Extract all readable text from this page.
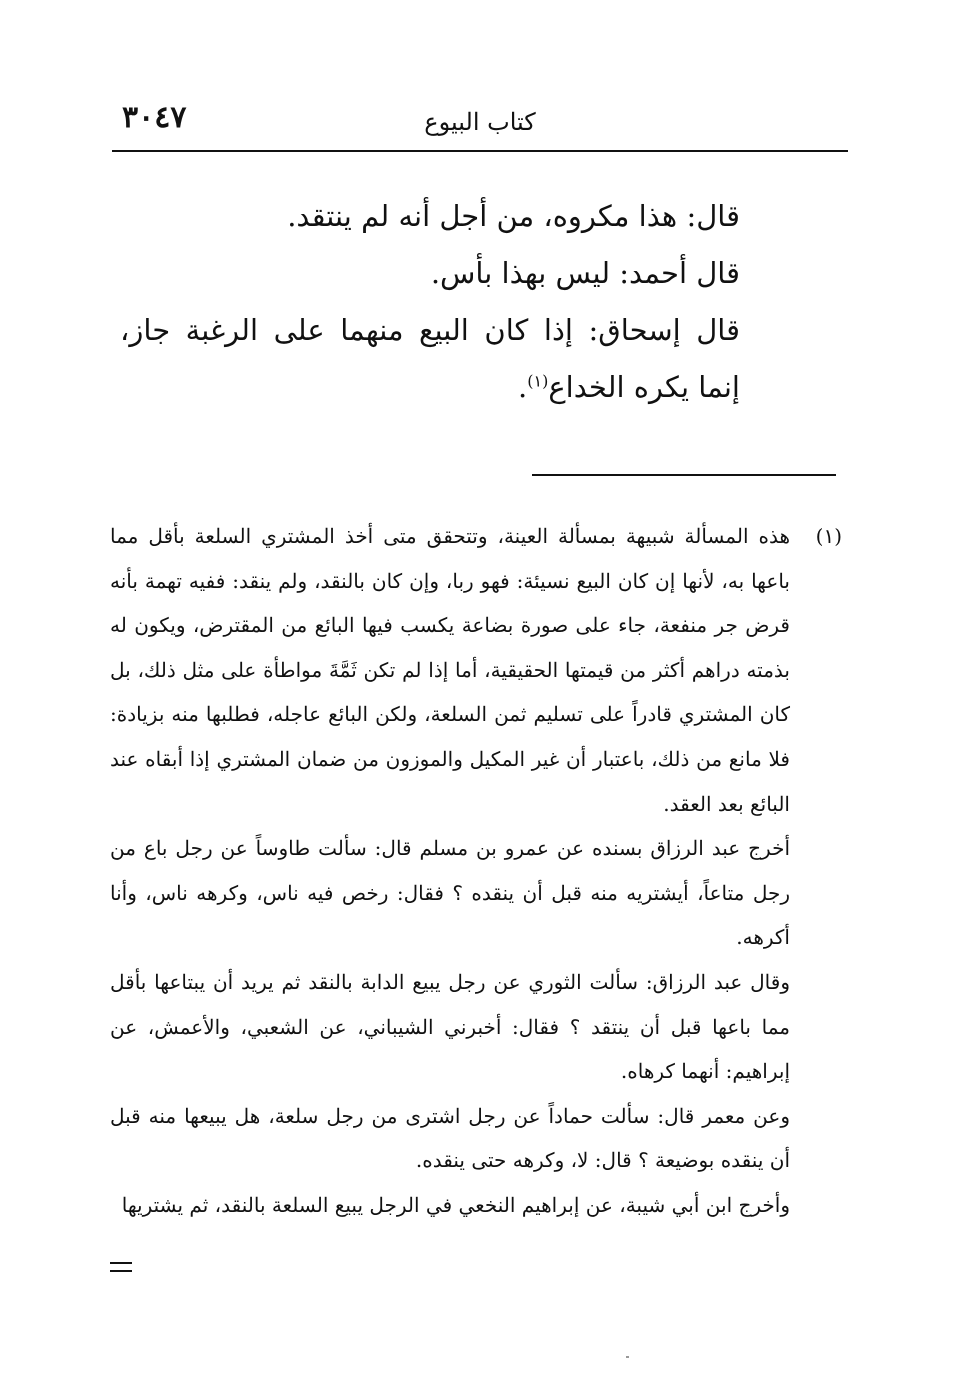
٣٠٤٧	كتاب البيوع

قال: هذا مكروه، من أجل أنه لم ينتقد.

قال أحمد: ليس بهذا بأس.

قال إسحاق: إذا كان البيع منهما على الرغبة جاز، إنما يكره الخداع$^{(١)}$.

(١)
هذه المسألة شبيهة بمسألة العينة، وتتحقق متى أخذ المشتري السلعة بأقل مما باعها به، لأنها إن كان البيع نسيئة: فهو ربا، وإن كان بالنقد، ولم ينقد: ففيه تهمة بأنه قرض جر منفعة، جاء على صورة بضاعة يكسب فيها البائع من المقترض، ويكون له بذمته دراهم أكثر من قيمتها الحقيقية، أما إذا لم تكن ثَمَّةَ مواطأة على مثل ذلك، بل كان المشتري قادراً على تسليم ثمن السلعة، ولكن البائع عاجله، فطلبها منه بزيادة: فلا مانع من ذلك، باعتبار أن غير المكيل والموزون من ضمان المشتري إذا أبقاه عند البائع بعد العقد.

أخرج عبد الرزاق بسنده عن عمرو بن مسلم قال: سألت طاوساً عن رجل باع من رجل متاعاً، أيشتريه منه قبل أن ينقده ؟ فقال: رخص فيه ناس، وكرهه ناس، وأنا أكرهه.

وقال عبد الرزاق: سألت الثوري عن رجل يبيع الدابة بالنقد ثم يريد أن يبتاعها بأقل مما باعها قبل أن ينتقد ؟ فقال: أخبرني الشيباني، عن الشعبي، والأعمش، عن إبراهيم: أنهما كرهاه.

وعن معمر قال: سألت حماداً عن رجل اشترى من رجل سلعة، هل يبيعها منه قبل أن ينقده بوضيعة ؟ قال: لا، وكرهه حتى ينقده.

وأخرج ابن أبي شيبة، عن إبراهيم النخعي في الرجل يبيع السلعة بالنقد، ثم يشتريها
